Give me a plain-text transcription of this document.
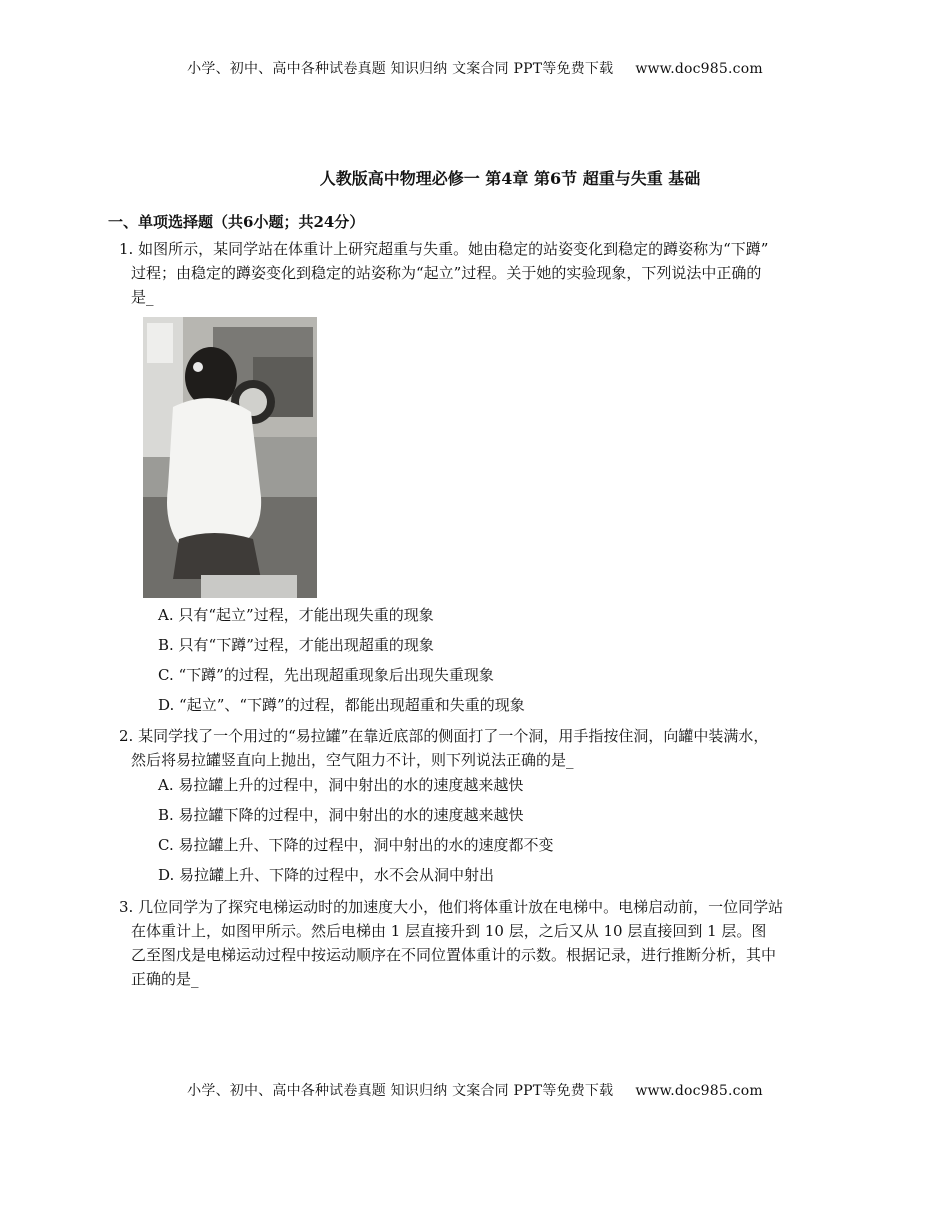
小学、初中、高中各种试卷真题 知识归纳 文案合同 PPT等免费下载 www.doc985.com
人教版高中物理必修一 第4章 第6节 超重与失重 基础
一、单项选择题（共6小题；共24分）
1. 如图所示，某同学站在体重计上研究超重与失重。她由稳定的站姿变化到稳定的蹲姿称为“下蹲”
过程；由稳定的蹲姿变化到稳定的站姿称为“起立”过程。关于她的实验现象，下列说法中正确的
是_
A. 只有“起立”过程，才能出现失重的现象
B. 只有“下蹲”过程，才能出现超重的现象
C. “下蹲”的过程，先出现超重现象后出现失重现象
D. “起立”、“下蹲”的过程，都能出现超重和失重的现象
2. 某同学找了一个用过的“易拉罐”在靠近底部的侧面打了一个洞，用手指按住洞，向罐中装满水，
然后将易拉罐竖直向上抛出，空气阻力不计，则下列说法正确的是_
A. 易拉罐上升的过程中，洞中射出的水的速度越来越快
B. 易拉罐下降的过程中，洞中射出的水的速度越来越快
C. 易拉罐上升、下降的过程中，洞中射出的水的速度都不变
D. 易拉罐上升、下降的过程中，水不会从洞中射出
3. 几位同学为了探究电梯运动时的加速度大小，他们将体重计放在电梯中。电梯启动前，一位同学站
在体重计上，如图甲所示。然后电梯由 1 层直接升到 10 层，之后又从 10 层直接回到 1 层。图
乙至图戊是电梯运动过程中按运动顺序在不同位置体重计的示数。根据记录，进行推断分析，其中
正确的是_
小学、初中、高中各种试卷真题 知识归纳 文案合同 PPT等免费下载 www.doc985.com
